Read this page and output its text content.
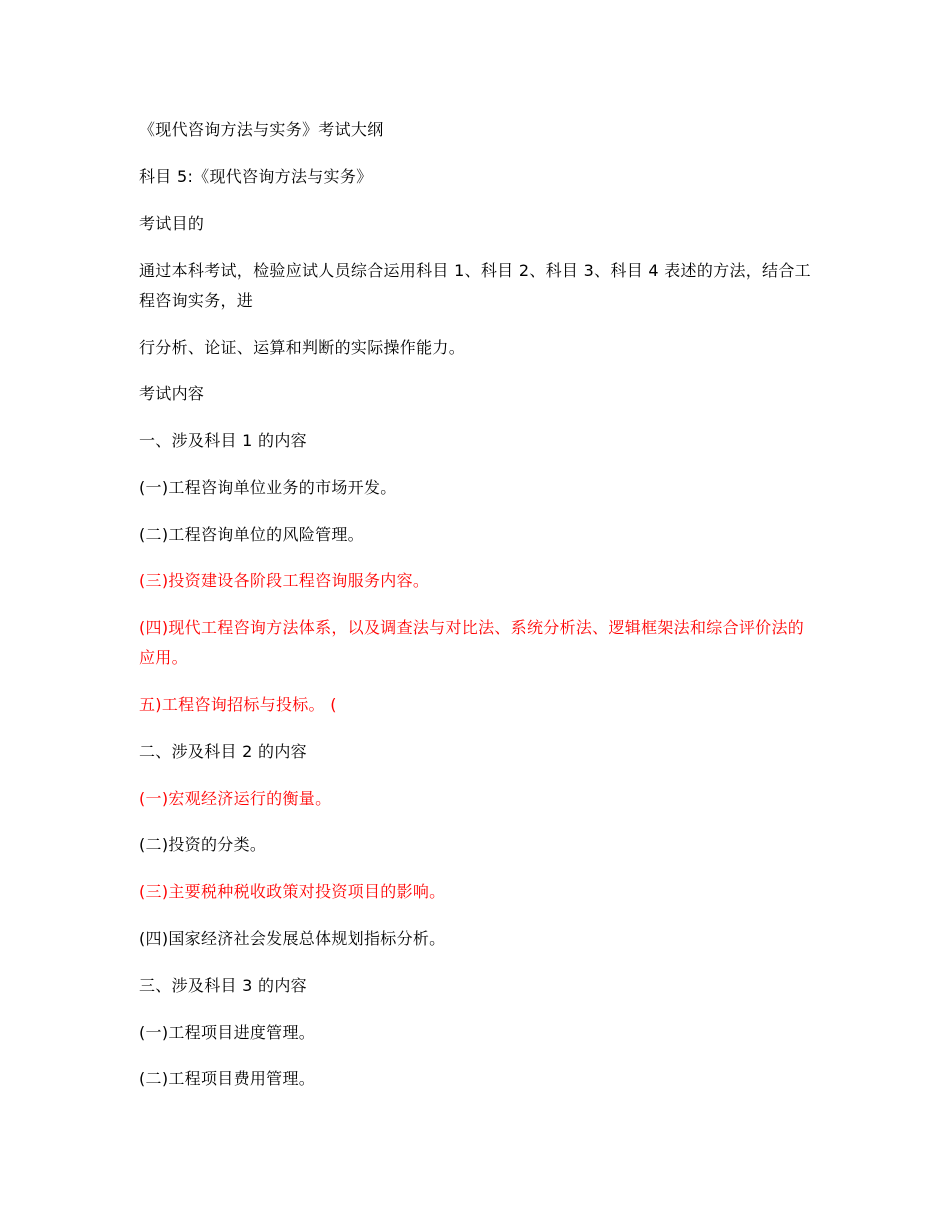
《现代咨询方法与实务》考试大纲
科目 5:《现代咨询方法与实务》
考试目的
通过本科考试，检验应试人员综合运用科目 1、科目 2、科目 3、科目 4 表述的方法，结合工程咨询实务，进
行分析、论证、运算和判断的实际操作能力。
考试内容
一、涉及科目 1 的内容
(一)工程咨询单位业务的市场开发。
(二)工程咨询单位的风险管理。
(三)投资建设各阶段工程咨询服务内容。
(四)现代工程咨询方法体系，以及调查法与对比法、系统分析法、逻辑框架法和综合评价法的应用。
五)工程咨询招标与投标。 (
二、涉及科目 2 的内容
(一)宏观经济运行的衡量。
(二)投资的分类。
(三)主要税种税收政策对投资项目的影响。
(四)国家经济社会发展总体规划指标分析。
三、涉及科目 3 的内容
(一)工程项目进度管理。
(二)工程项目费用管理。
